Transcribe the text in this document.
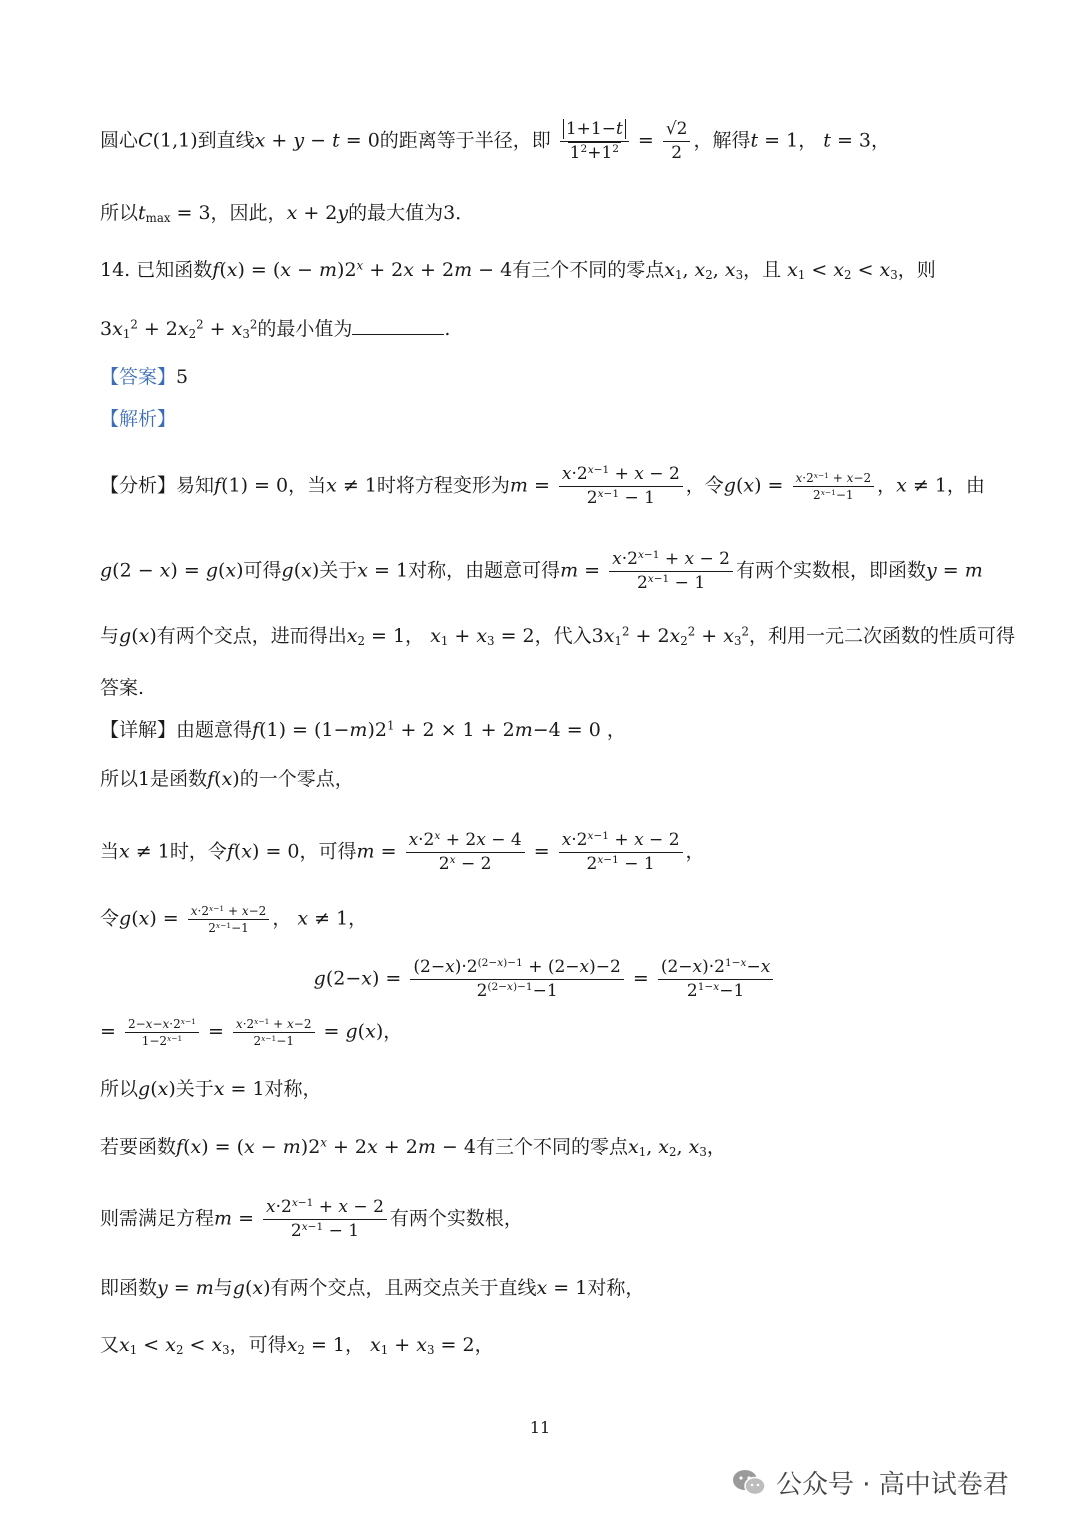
圆心C(1,1)到直线x + y − t = 0的距离等于半径，即 $\frac{1+1-t}{1^2+1^2} = \frac{√2}{2}$ ，解得t = 1， t = 3，
所以$t_{max} = 3$，因此，x + 2y的最大值为3．
14. 已知函数$f(x) = (x - m)2^x + 2x + 2m - 4$有三个不同的零点$x_1$, $x_2$, $x_3$，且 $x_1 < x_2 < x_3$，则
$3x_1^2 + 2x_2^2 + x_3^2$的最小值为	.
【答案】5
【解析】
【分析】易知f(1) = 0，当x ≠ 1时将方程变形为$m = \frac{x\cdot 2^{x-1} + x - 2}{2^{x-1} - 1}$ ，令$g(x) = \frac{x\cdot 2^{x-1} + x-2}{2^{x-1}-1}$ ，x ≠ 1，由
g(2 − x) = g(x)可得g(x)关于x = 1对称，由题意可得$m = \frac{x\cdot 2^{x-1} + x - 2}{2^{x-1} - 1}$ 有两个实数根，即函数y = m
与g(x)有两个交点，进而得出$x_2 = 1$， $x_1 + x_3 = 2$，代入$3x_1^2 + 2x_2^2 + x_3^2$，利用一元二次函数的性质可得
答案.
【详解】由题意得$f(1) = (1-m)2^1 + 2 \times 1 + 2m-4 = 0$ ，
所以1是函数f(x)的一个零点，
当x ≠ 1时，令f(x) = 0，可得$m = \frac{x\cdot 2^x + 2x - 4}{2^x - 2} = \frac{x\cdot 2^{x-1} + x - 2}{2^{x-1} - 1}$ ，
令$g(x) = \frac{x\cdot 2^{x-1} + x-2}{2^{x-1}-1}$ ， x ≠ 1，
$g(2-x) = \frac{(2-x)\cdot 2^{(2-x)-1} + (2-x)-2}{2^{(2-x)-1}-1} = \frac{(2-x)\cdot 2^{1-x}-x}{2^{1-x}-1}$
= $\frac{2-x-x\cdot 2^{x-1}}{1-2^{x-1}} = \frac{x\cdot 2^{x-1} + x-2}{2^{x-1}-1} = g(x)$，
所以g(x)关于x = 1对称，
若要函数$f(x) = (x - m)2^x + 2x + 2m - 4$有三个不同的零点$x_1$, $x_2$, $x_3$，
则需满足方程$m = \frac{x\cdot 2^{x-1} + x - 2}{2^{x-1} - 1}$ 有两个实数根，
即函数y = m与g(x)有两个交点，且两交点关于直线x = 1对称，
又$x_1 < x_2 < x_3$，可得$x_2 = 1$， $x_1 + x_3 = 2$，
11
公众号 · 高中试卷君
